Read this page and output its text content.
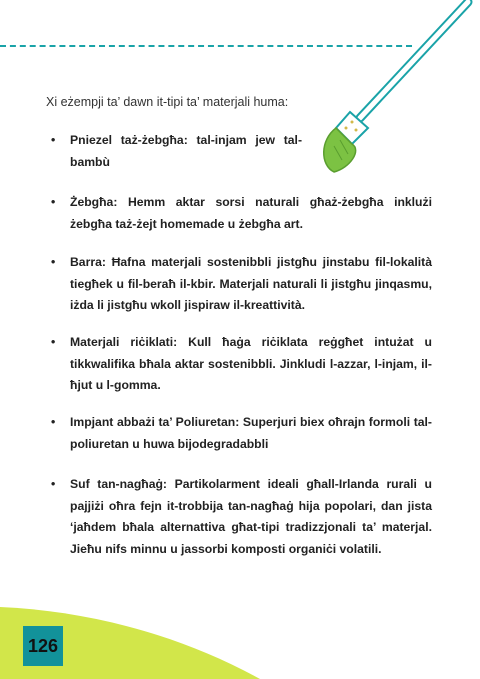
Xi eżempji ta’ dawn it-tipi ta’ materjali huma:
• Pniezel taż-żebgħa: tal-injam jew tal-bambù
• Żebgħa: Hemm aktar sorsi naturali għaż-żebgħa inklużi żebgħa taż-żejt homemade u żebgħa art.
• Barra: Ħafna materjali sostenibbli jistgħu jinstabu fil-lokalità tiegħek u fil-beraħ il-kbir. Materjali naturali li jistgħu jinqasmu, iżda li jistgħu wkoll jispiraw il-kreattività.
• Materjali riċiklati: Kull ħaġa riċiklata reġgħet intużat u tikkwalifika bħala aktar sostenibbli. Jinkludi l-azzar, l-injam, il-ħjut u l-gomma.
• Impjant abbażi ta’ Poliuretan: Superjuri biex oħrajn formoli tal-poliuretan u huwa bijodegradabbli
• Suf tan-nagħaġ: Partikolarment ideali għall-Irlanda rurali u pajjiżi oħra fejn it-trobbija tan-nagħaġ hija popolari, dan jista ‘jaħdem bħala alternattiva għat-tipi tradizzjonali ta’ materjal. Jieħu nifs minnu u jassorbi komposti organiċi volatili.
126
